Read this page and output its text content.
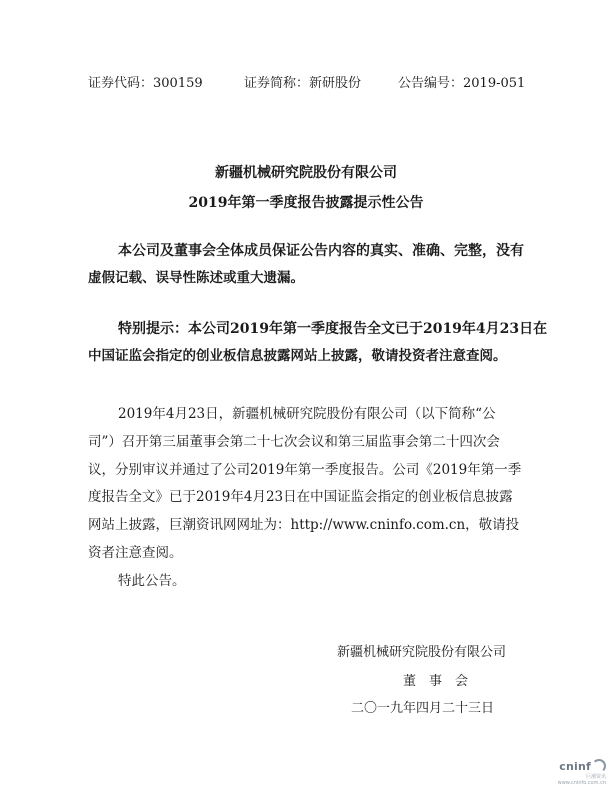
证券代码：300159	证券简称：新研股份	公告编号：2019-051
新疆机械研究院股份有限公司
2019年第一季度报告披露提示性公告
本公司及董事会全体成员保证公告内容的真实、准确、完整，没有
虚假记载、误导性陈述或重大遗漏。
特别提示：本公司2019年第一季度报告全文已于2019年4月23日在
中国证监会指定的创业板信息披露网站上披露，敬请投资者注意查阅。
2019年4月23日，新疆机械研究院股份有限公司（以下简称“公
司”）召开第三届董事会第二十七次会议和第三届监事会第二十四次会
议，分别审议并通过了公司2019年第一季度报告。公司《2019年第一季
度报告全文》已于2019年4月23日在中国证监会指定的创业板信息披露
网站上披露，巨潮资讯网网址为：http://www.cninfo.com.cn，敬请投
资者注意查阅。
特此公告。
新疆机械研究院股份有限公司
董　事　会
二〇一九年四月二十三日
cninf
巨潮资讯
www.cninfo.com.cn
